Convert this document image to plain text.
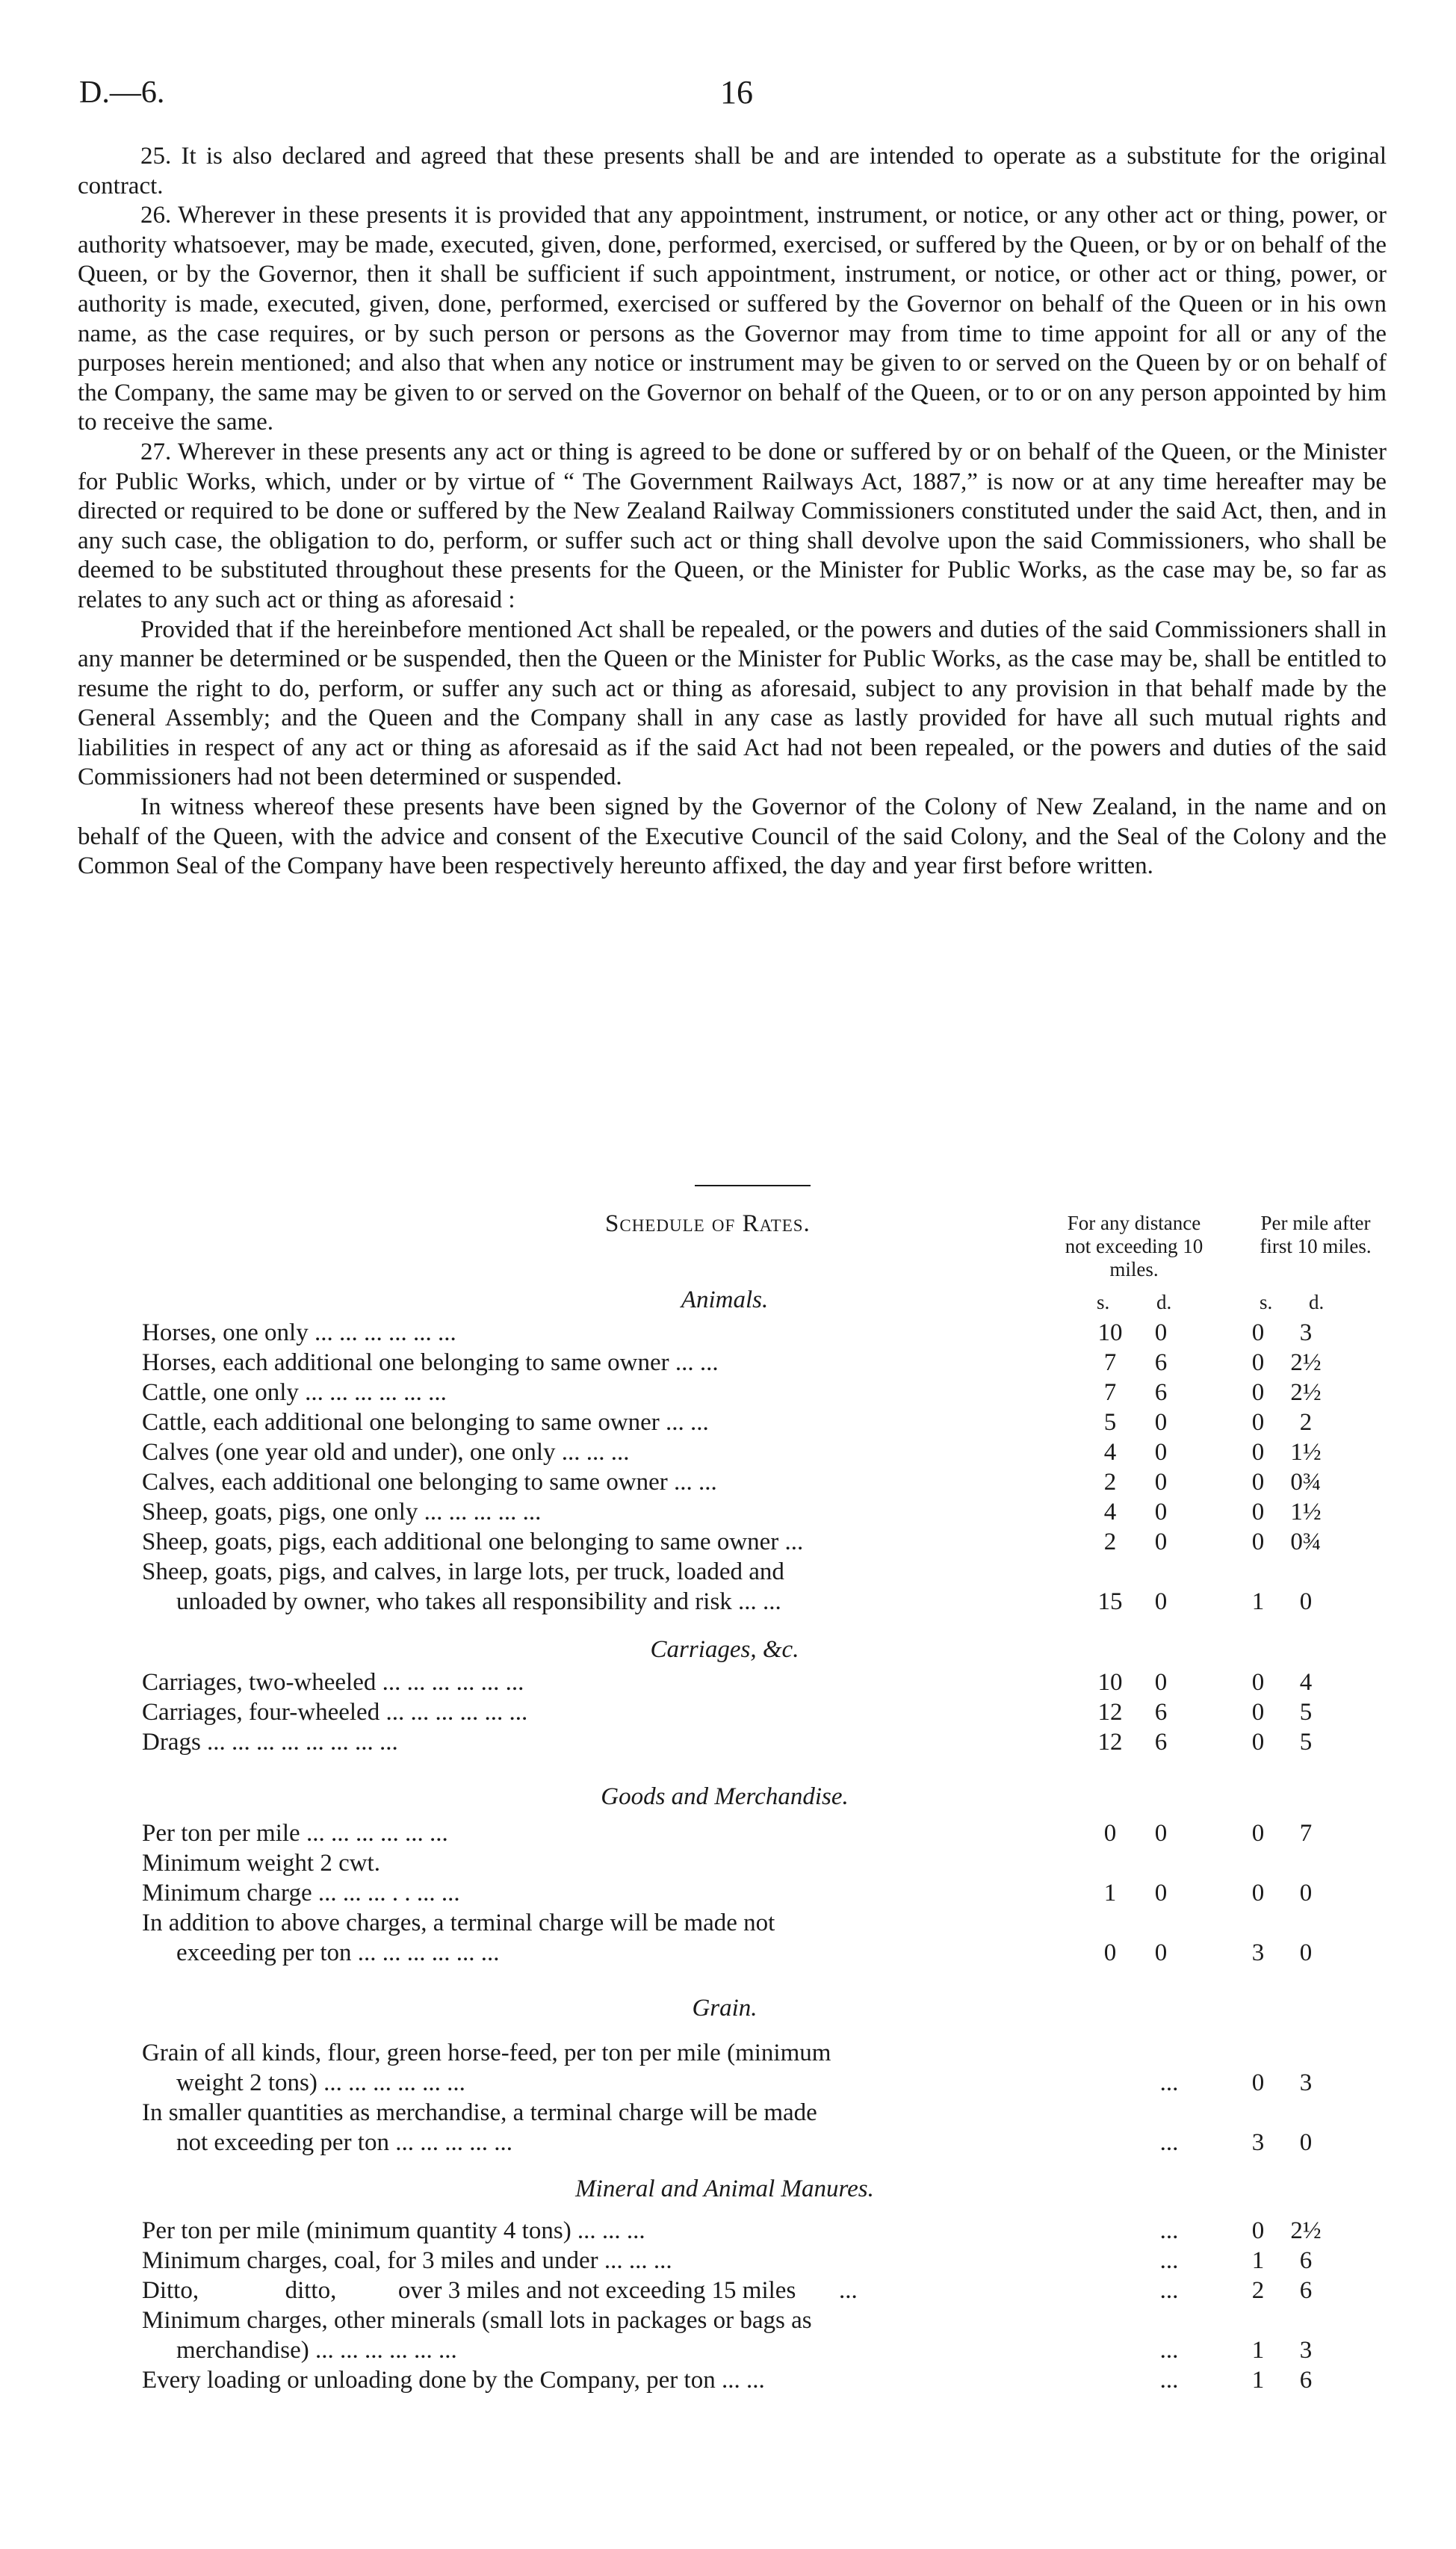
D.—6.	16

25. It is also declared and agreed that these presents shall be and are intended to operate as a substitute for the original contract.

26. Wherever in these presents it is provided that any appointment, instrument, or notice, or any other act or thing, power, or authority whatsoever, may be made, executed, given, done, performed, exercised, or suffered by the Queen, or by or on behalf of the Queen, or by the Governor, then it shall be sufficient if such appointment, instrument, or notice, or other act or thing, power, or authority is made, executed, given, done, performed, exercised or suffered by the Governor on behalf of the Queen or in his own name, as the case requires, or by such person or persons as the Governor may from time to time appoint for all or any of the purposes herein mentioned; and also that when any notice or instrument may be given to or served on the Queen by or on behalf of the Company, the same may be given to or served on the Governor on behalf of the Queen, or to or on any person appointed by him to receive the same.

27. Wherever in these presents any act or thing is agreed to be done or suffered by or on behalf of the Queen, or the Minister for Public Works, which, under or by virtue of “ The Government Railways Act, 1887,” is now or at any time hereafter may be directed or required to be done or suffered by the New Zealand Railway Commissioners constituted under the said Act, then, and in any such case, the obligation to do, perform, or suffer such act or thing shall devolve upon the said Commissioners, who shall be deemed to be substituted throughout these presents for the Queen, or the Minister for Public Works, as the case may be, so far as relates to any such act or thing as aforesaid :

Provided that if the hereinbefore mentioned Act shall be repealed, or the powers and duties of the said Commissioners shall in any manner be determined or be suspended, then the Queen or the Minister for Public Works, as the case may be, shall be entitled to resume the right to do, perform, or suffer any such act or thing as aforesaid, subject to any provision in that behalf made by the General Assembly; and the Queen and the Company shall in any case as lastly provided for have all such mutual rights and liabilities in respect of any act or thing as aforesaid as if the said Act had not been repealed, or the powers and duties of the said Commissioners had not been determined or suspended.

In witness whereof these presents have been signed by the Governor of the Colony of New Zealand, in the name and on behalf of the Queen, with the advice and consent of the Executive Council of the said Colony, and the Seal of the Colony and the Common Seal of the Company have been respectively hereunto affixed, the day and year first before written.

Schedule of Rates.	For any distance
not exceeding 10
miles.
Per mile after
first 10 miles.
s. d.	s. d.
Animals.
Carriages, &c.
Goods and Merchandise.
Grain.
Mineral and Animal Manures.
Horses, one only ... ... ... ... ... ...	10	0	0	3
Horses, each additional one belonging to same owner ... ...	7	6	0	2½
Cattle, one only ... ... ... ... ... ...	7	6	0	2½
Cattle, each additional one belonging to same owner ... ...	5	0	0	2
Calves (one year old and under), one only ... ... ...	4	0	0	1½
Calves, each additional one belonging to same owner ... ...	2	0	0	0¾
Sheep, goats, pigs, one only ... ... ... ... ...	4	0	0	1½
Sheep, goats, pigs, each additional one belonging to same owner ...	2	0	0	0¾
Sheep, goats, pigs, and calves, in large lots, per truck, loaded and
unloaded by owner, who takes all responsibility and risk ... ...	15	0	1	0
Carriages, two-wheeled ... ... ... ... ... ...	10	0	0	4
Carriages, four-wheeled ... ... ... ... ... ...	12	6	0	5
Drags ... ... ... ... ... ... ... ...	12	6	0	5
Per ton per mile ... ... ... ... ... ...	0	0	0	7
Minimum weight 2 cwt.
Minimum charge ... ... ... . . ... ...	1	0	0	0
In addition to above charges, a terminal charge will be made not
exceeding per ton ... ... ... ... ... ...	0	0	3	0
Grain of all kinds, flour, green horse-feed, per ton per mile (minimum
weight 2 tons) ... ... ... ... ... ...	...	0	3
In smaller quantities as merchandise, a terminal charge will be made
not exceeding per ton ... ... ... ... ...	...	3	0
Per ton per mile (minimum quantity 4 tons) ... ... ...	...	0	2½
Minimum charges, coal, for 3 miles and under ... ... ...	...	1	6
Ditto,              ditto,          over 3 miles and not exceeding 15 miles       ...	...	2	6
Minimum charges, other minerals (small lots in packages or bags as
merchandise) ... ... ... ... ... ...	...	1	3
Every loading or unloading done by the Company, per ton ... ...	...	1	6
